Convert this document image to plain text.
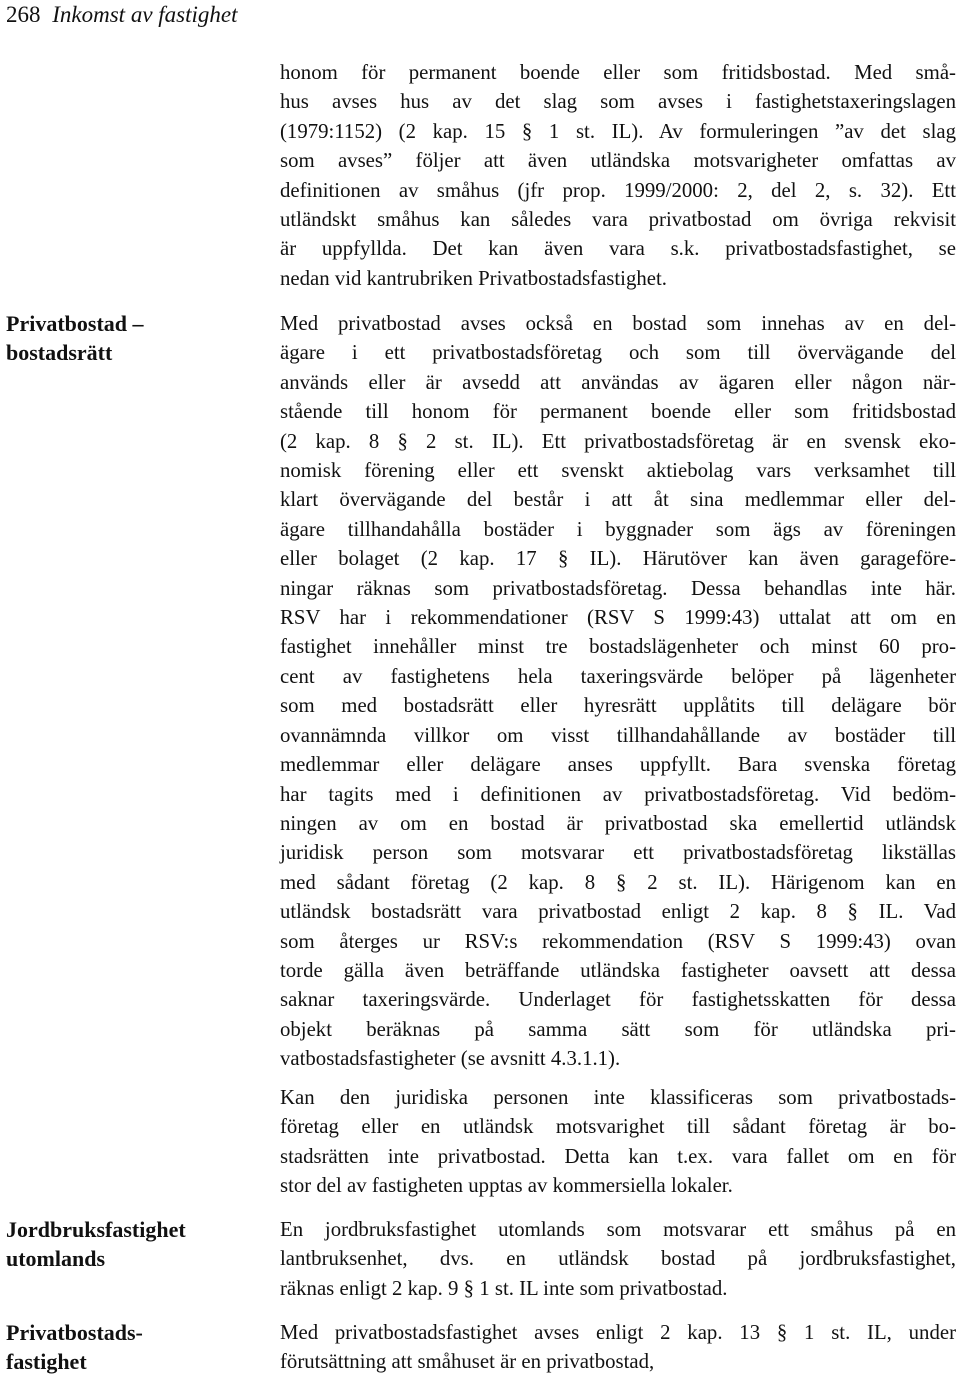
268 Inkomst av fastighet
Privatbostad –
bostadsrätt
Jordbruksfastighet
utomlands
Privatbostads-
fastighet
honom för permanent boende eller som fritidsbostad. Med små-
hus avses hus av det slag som avses i fastighetstaxeringslagen
(1979:1152) (2 kap. 15 § 1 st. IL). Av formuleringen ”av det slag
som avses” följer att även utländska motsvarigheter omfattas av
definitionen av småhus (jfr prop. 1999/2000: 2, del 2, s. 32). Ett
utländskt småhus kan således vara privatbostad om övriga rekvisit
är uppfyllda. Det kan även vara s.k. privatbostadsfastighet, se
nedan vid kantrubriken Privatbostadsfastighet.
Med privatbostad avses också en bostad som innehas av en del-
ägare i ett privatbostadsföretag och som till övervägande del
används eller är avsedd att användas av ägaren eller någon när-
stående till honom för permanent boende eller som fritidsbostad
(2 kap. 8 § 2 st. IL). Ett privatbostadsföretag är en svensk eko-
nomisk förening eller ett svenskt aktiebolag vars verksamhet till
klart övervägande del består i att åt sina medlemmar eller del-
ägare tillhandahålla bostäder i byggnader som ägs av föreningen
eller bolaget (2 kap. 17 § IL). Härutöver kan även garageföre-
ningar räknas som privatbostadsföretag. Dessa behandlas inte här.
RSV har i rekommendationer (RSV S 1999:43) uttalat att om en
fastighet innehåller minst tre bostadslägenheter och minst 60 pro-
cent av fastighetens hela taxeringsvärde belöper på lägenheter
som med bostadsrätt eller hyresrätt upplåtits till delägare bör
ovannämnda villkor om visst tillhandahållande av bostäder till
medlemmar eller delägare anses uppfyllt. Bara svenska företag
har tagits med i definitionen av privatbostadsföretag. Vid bedöm-
ningen av om en bostad är privatbostad ska emellertid utländsk
juridisk person som motsvarar ett privatbostadsföretag likställas
med sådant företag (2 kap. 8 § 2 st. IL). Härigenom kan en
utländsk bostadsrätt vara privatbostad enligt 2 kap. 8 § IL. Vad
som återges ur RSV:s rekommendation (RSV S 1999:43) ovan
torde gälla även beträffande utländska fastigheter oavsett att dessa
saknar taxeringsvärde. Underlaget för fastighetsskatten för dessa
objekt beräknas på samma sätt som för utländska pri-
vatbostadsfastigheter (se avsnitt 4.3.1.1).
Kan den juridiska personen inte klassificeras som privatbostads-
företag eller en utländsk motsvarighet till sådant företag är bo-
stadsrätten inte privatbostad. Detta kan t.ex. vara fallet om en för
stor del av fastigheten upptas av kommersiella lokaler.
En jordbruksfastighet utomlands som motsvarar ett småhus på en
lantbruksenhet, dvs. en utländsk bostad på jordbruksfastighet,
räknas enligt 2 kap. 9 § 1 st. IL inte som privatbostad.
Med privatbostadsfastighet avses enligt 2 kap. 13 § 1 st. IL, under
förutsättning att småhuset är en privatbostad,
